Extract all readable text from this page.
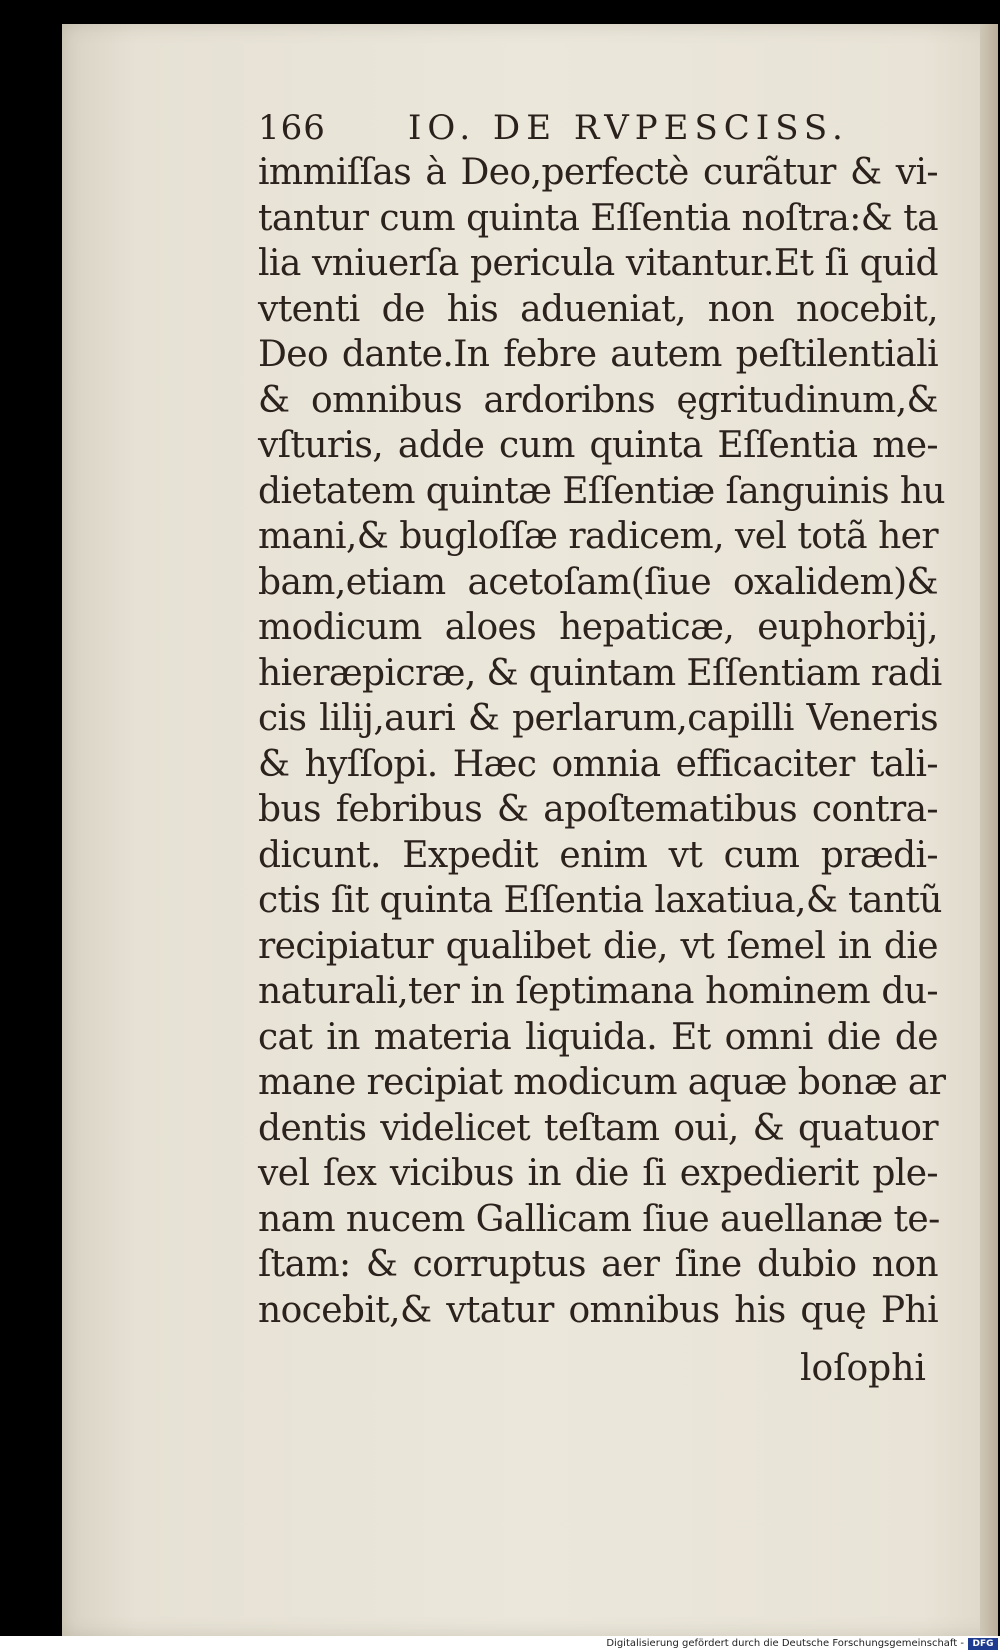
166 IO. DE RVPESCISS.
immiſſas à Deo,perfectè curãtur & vi-
tantur cum quinta Eſſentia noſtra:& ta
lia vniuerſa pericula vitantur.Et ſi quid
vtenti de his adueniat, non nocebit,
Deo dante.In febre autem peſtilentiali
& omnibus ardoribns ęgritudinum,&
vſturis, adde cum quinta Eſſentia me-
dietatem quintæ Eſſentiæ ſanguinis hu
mani,& bugloſſæ radicem, vel totã her
bam,etiam acetoſam(ſiue oxalidem)&
modicum aloes hepaticæ, euphorbij,
hieræpicræ, & quintam Eſſentiam radi
cis lilij,auri & perlarum,capilli Veneris
& hyſſopi. Hæc omnia efficaciter tali-
bus febribus & apoſtematibus contra-
dicunt. Expedit enim vt cum prædi-
ctis ſit quinta Eſſentia laxatiua,& tantũ
recipiatur qualibet die, vt ſemel in die
naturali,ter in ſeptimana hominem du-
cat in materia liquida. Et omni die de
mane recipiat modicum aquæ bonæ ar
dentis videlicet teſtam oui, & quatuor
vel ſex vicibus in die ſi expedierit ple-
nam nucem Gallicam ſiue auellanæ te-
ſtam: & corruptus aer ſine dubio non
nocebit,& vtatur omnibus his quę Phi
loſophi
Digitalisierung gefördert durch die Deutsche Forschungsgemeinschaft - DFG
